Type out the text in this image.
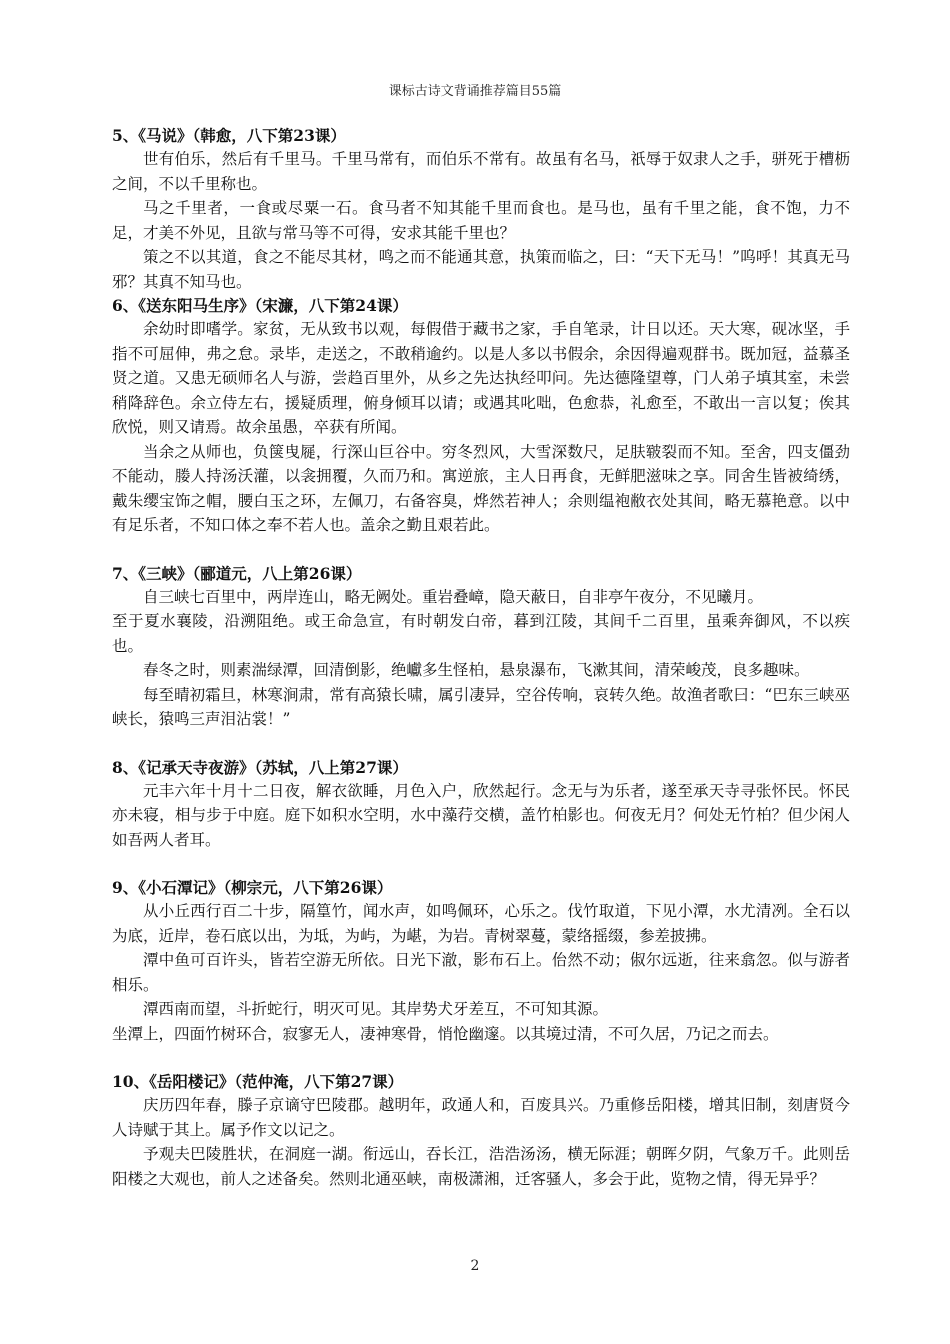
课标古诗文背诵推荐篇目55篇

5、《马说》（韩愈，八下第23课）

世有伯乐，然后有千里马。千里马常有，而伯乐不常有。故虽有名马，祇辱于奴隶人之手，骈死于槽枥之间，不以千里称也。

马之千里者，一食或尽粟一石。食马者不知其能千里而食也。是马也，虽有千里之能，食不饱，力不足，才美不外见，且欲与常马等不可得，安求其能千里也？

策之不以其道，食之不能尽其材，鸣之而不能通其意，执策而临之，曰：“天下无马！”呜呼！其真无马邪？其真不知马也。

6、《送东阳马生序》（宋濂，八下第24课）

余幼时即嗜学。家贫，无从致书以观，每假借于藏书之家，手自笔录，计日以还。天大寒，砚冰坚，手指不可屈伸，弗之怠。录毕，走送之，不敢稍逾约。以是人多以书假余，余因得遍观群书。既加冠，益慕圣贤之道。又患无硕师名人与游，尝趋百里外，从乡之先达执经叩问。先达德隆望尊，门人弟子填其室，未尝稍降辞色。余立侍左右，援疑质理，俯身倾耳以请；或遇其叱咄，色愈恭，礼愈至，不敢出一言以复；俟其欣悦，则又请焉。故余虽愚，卒获有所闻。

当余之从师也，负箧曳屣，行深山巨谷中。穷冬烈风，大雪深数尺，足肤皲裂而不知。至舍，四支僵劲不能动，媵人持汤沃灌，以衾拥覆，久而乃和。寓逆旅，主人日再食，无鲜肥滋味之享。同舍生皆被绮绣，戴朱缨宝饰之帽，腰白玉之环，左佩刀，右备容臭，烨然若神人；余则缊袍敝衣处其间，略无慕艳意。以中有足乐者，不知口体之奉不若人也。盖余之勤且艰若此。

7、《三峡》（郦道元，八上第26课）

自三峡七百里中，两岸连山，略无阙处。重岩叠嶂，隐天蔽日，自非亭午夜分，不见曦月。

至于夏水襄陵，沿溯阻绝。或王命急宣，有时朝发白帝，暮到江陵，其间千二百里，虽乘奔御风，不以疾也。

春冬之时，则素湍绿潭，回清倒影，绝巘多生怪柏，悬泉瀑布，飞漱其间，清荣峻茂，良多趣味。

每至晴初霜旦，林寒涧肃，常有高猿长啸，属引凄异，空谷传响，哀转久绝。故渔者歌曰：“巴东三峡巫峡长，猿鸣三声泪沾裳！”

8、《记承天寺夜游》（苏轼，八上第27课）

元丰六年十月十二日夜，解衣欲睡，月色入户，欣然起行。念无与为乐者，遂至承天寺寻张怀民。怀民亦未寝，相与步于中庭。庭下如积水空明，水中藻荇交横，盖竹柏影也。何夜无月？何处无竹柏？但少闲人如吾两人者耳。

9、《小石潭记》（柳宗元，八下第26课）

从小丘西行百二十步，隔篁竹，闻水声，如鸣佩环，心乐之。伐竹取道，下见小潭，水尤清冽。全石以为底，近岸，卷石底以出，为坻，为屿，为嵁，为岩。青树翠蔓，蒙络摇缀，参差披拂。

潭中鱼可百许头，皆若空游无所依。日光下澈，影布石上。佁然不动；俶尔远逝，往来翕忽。似与游者相乐。

潭西南而望，斗折蛇行，明灭可见。其岸势犬牙差互，不可知其源。

坐潭上，四面竹树环合，寂寥无人，凄神寒骨，悄怆幽邃。以其境过清，不可久居，乃记之而去。

10、《岳阳楼记》（范仲淹，八下第27课）

庆历四年春，滕子京谪守巴陵郡。越明年，政通人和，百废具兴。乃重修岳阳楼，增其旧制，刻唐贤今人诗赋于其上。属予作文以记之。

予观夫巴陵胜状，在洞庭一湖。衔远山，吞长江，浩浩汤汤，横无际涯；朝晖夕阴，气象万千。此则岳阳楼之大观也，前人之述备矣。然则北通巫峡，南极潇湘，迁客骚人，多会于此，览物之情，得无异乎？

2
